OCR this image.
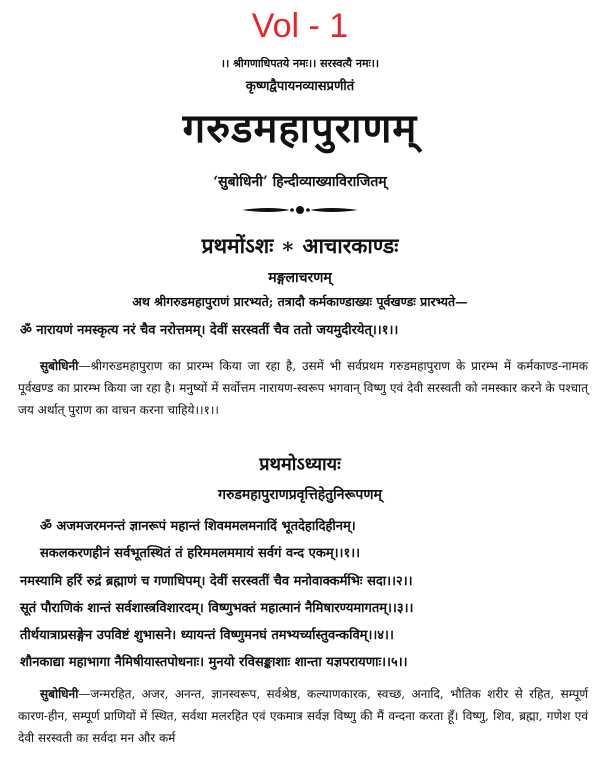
Vol - 1
।। श्रीगणाधिपतये नमः।। सरस्वत्यै नमः।।
कृष्णद्वैपायनव्यासप्रणीतं
गरुडमहापुराणम्
‘सुबोधिनी’ हिन्दीव्याख्याविराजितम्
प्रथमोंऽशः ∗ आचारकाण्डः
मङ्गलाचरणम्
अथ श्रीगरुडमहापुराणं प्रारभ्यते; तत्रादौ कर्मकाण्डाख्यः पूर्वखण्डः प्रारभ्यते—
ॐ नारायणं नमस्कृत्य नरं चैव नरोत्तमम्। देवीं सरस्वतीं चैव ततो जयमुदीरयेत्।।१।।
सुबोधिनी—श्रीगरुडमहापुराण का प्रारम्भ किया जा रहा है, उसमें भी सर्वप्रथम गरुडमहापुराण के प्रारम्भ में कर्मकाण्ड-नामक पूर्वखण्ड का प्रारम्भ किया जा रहा है। मनुष्यों में सर्वोत्तम नारायण-स्वरूप भगवान् विष्णु एवं देवी सरस्वती को नमस्कार करने के पश्चात् जय अर्थात् पुराण का वाचन करना चाहिये।।१।।
प्रथमोऽध्यायः
गरुडमहापुराणप्रवृत्तिहेतुनिरूपणम्
ॐ अजमजरमनन्तं ज्ञानरूपं महान्तं शिवममलमनादिं भूतदेहादिहीनम्।
सकलकरणहीनं सर्वभूतस्थितं तं हरिममलममायं सर्वगं वन्द एकम्।।१।।
नमस्यामि हरिं रुद्रं ब्रह्माणं च गणाधिपम्। देवीं सरस्वतीं चैव मनोवाक्कर्मभिः सदा।।२।।
सूतं पौराणिकं शान्तं सर्वशास्त्रविशारदम्। विष्णुभक्तं महात्मानं नैमिषारण्यमागतम्।।३।।
तीर्थयात्राप्रसङ्गेन उपविष्टं शुभासने। ध्यायन्तं विष्णुमनघं तमभ्यर्च्यास्तुवन्कविम्।।४।।
शौनकाद्या महाभागा नैमिषीयास्तपोधनाः। मुनयो रविसङ्काशाः शान्ता यज्ञपरायणाः।।५।।
सुबोधिनी—जन्मरहित, अजर, अनन्त, ज्ञानस्वरूप, सर्वश्रेष्ठ, कल्याणकारक, स्वच्छ, अनादि, भौतिक शरीर से रहित, सम्पूर्ण कारण-हीन, सम्पूर्ण प्राणियों में स्थित, सर्वथा मलरहित एवं एकमात्र सर्वज्ञ विष्णु की मैं वन्दना करता हूँ। विष्णु, शिव, ब्रह्मा, गणेश एवं देवी सरस्वती का सर्वदा मन और कर्म
